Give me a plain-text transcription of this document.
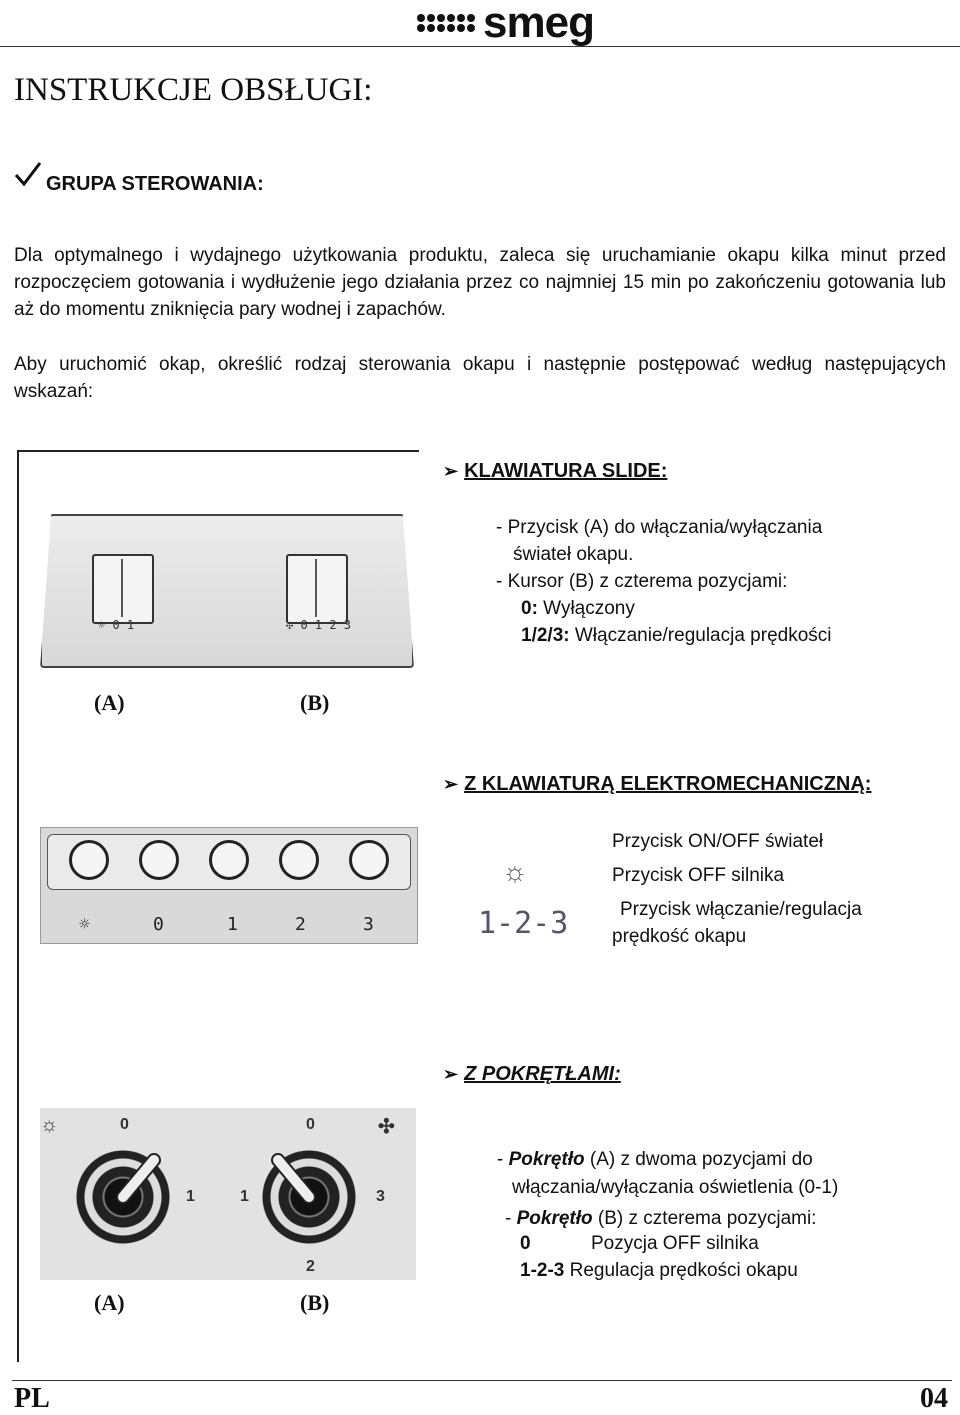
smeg
INSTRUKCJE OBSŁUGI:
GRUPA STEROWANIA:
Dla optymalnego i wydajnego użytkowania produktu, zaleca się uruchamianie okapu kilka minut przed rozpoczęciem gotowania i wydłużenie jego działania przez co najmniej 15 min po zakończeniu gotowania lub aż do momentu zniknięcia pary wodnej i zapachów.
Aby uruchomić okap, określić rodzaj sterowania okapu i następnie postępować według następujących wskazań:
☼ 0 1	✣ 0 1 2 3
(A)	(B)
➢ KLAWIATURA SLIDE:
- Przycisk (A) do włączania/wyłączania
świateł okapu.
- Kursor (B) z czterema pozycjami:
0: Wyłączony
1/2/3: Włączanie/regulacja prędkości
➢ Z KLAWIATURĄ ELEKTROMECHANICZNĄ:
☼	0	1	2	3
☼
1-2-3
Przycisk ON/OFF świateł
Przycisk OFF silnika
Przycisk włączanie/regulacja
prędkość okapu
➢ Z POKRĘTŁAMI:
☼	0	0	✣
1	1
2
3
(A)	(B)
- Pokrętło (A) z dwoma pozycjami do
włączania/wyłączania oświetlenia (0-1)
- Pokrętło (B) z czterema pozycjami:
0	Pozycja OFF silnika
1-2-3 Regulacja prędkości okapu
PL	04
